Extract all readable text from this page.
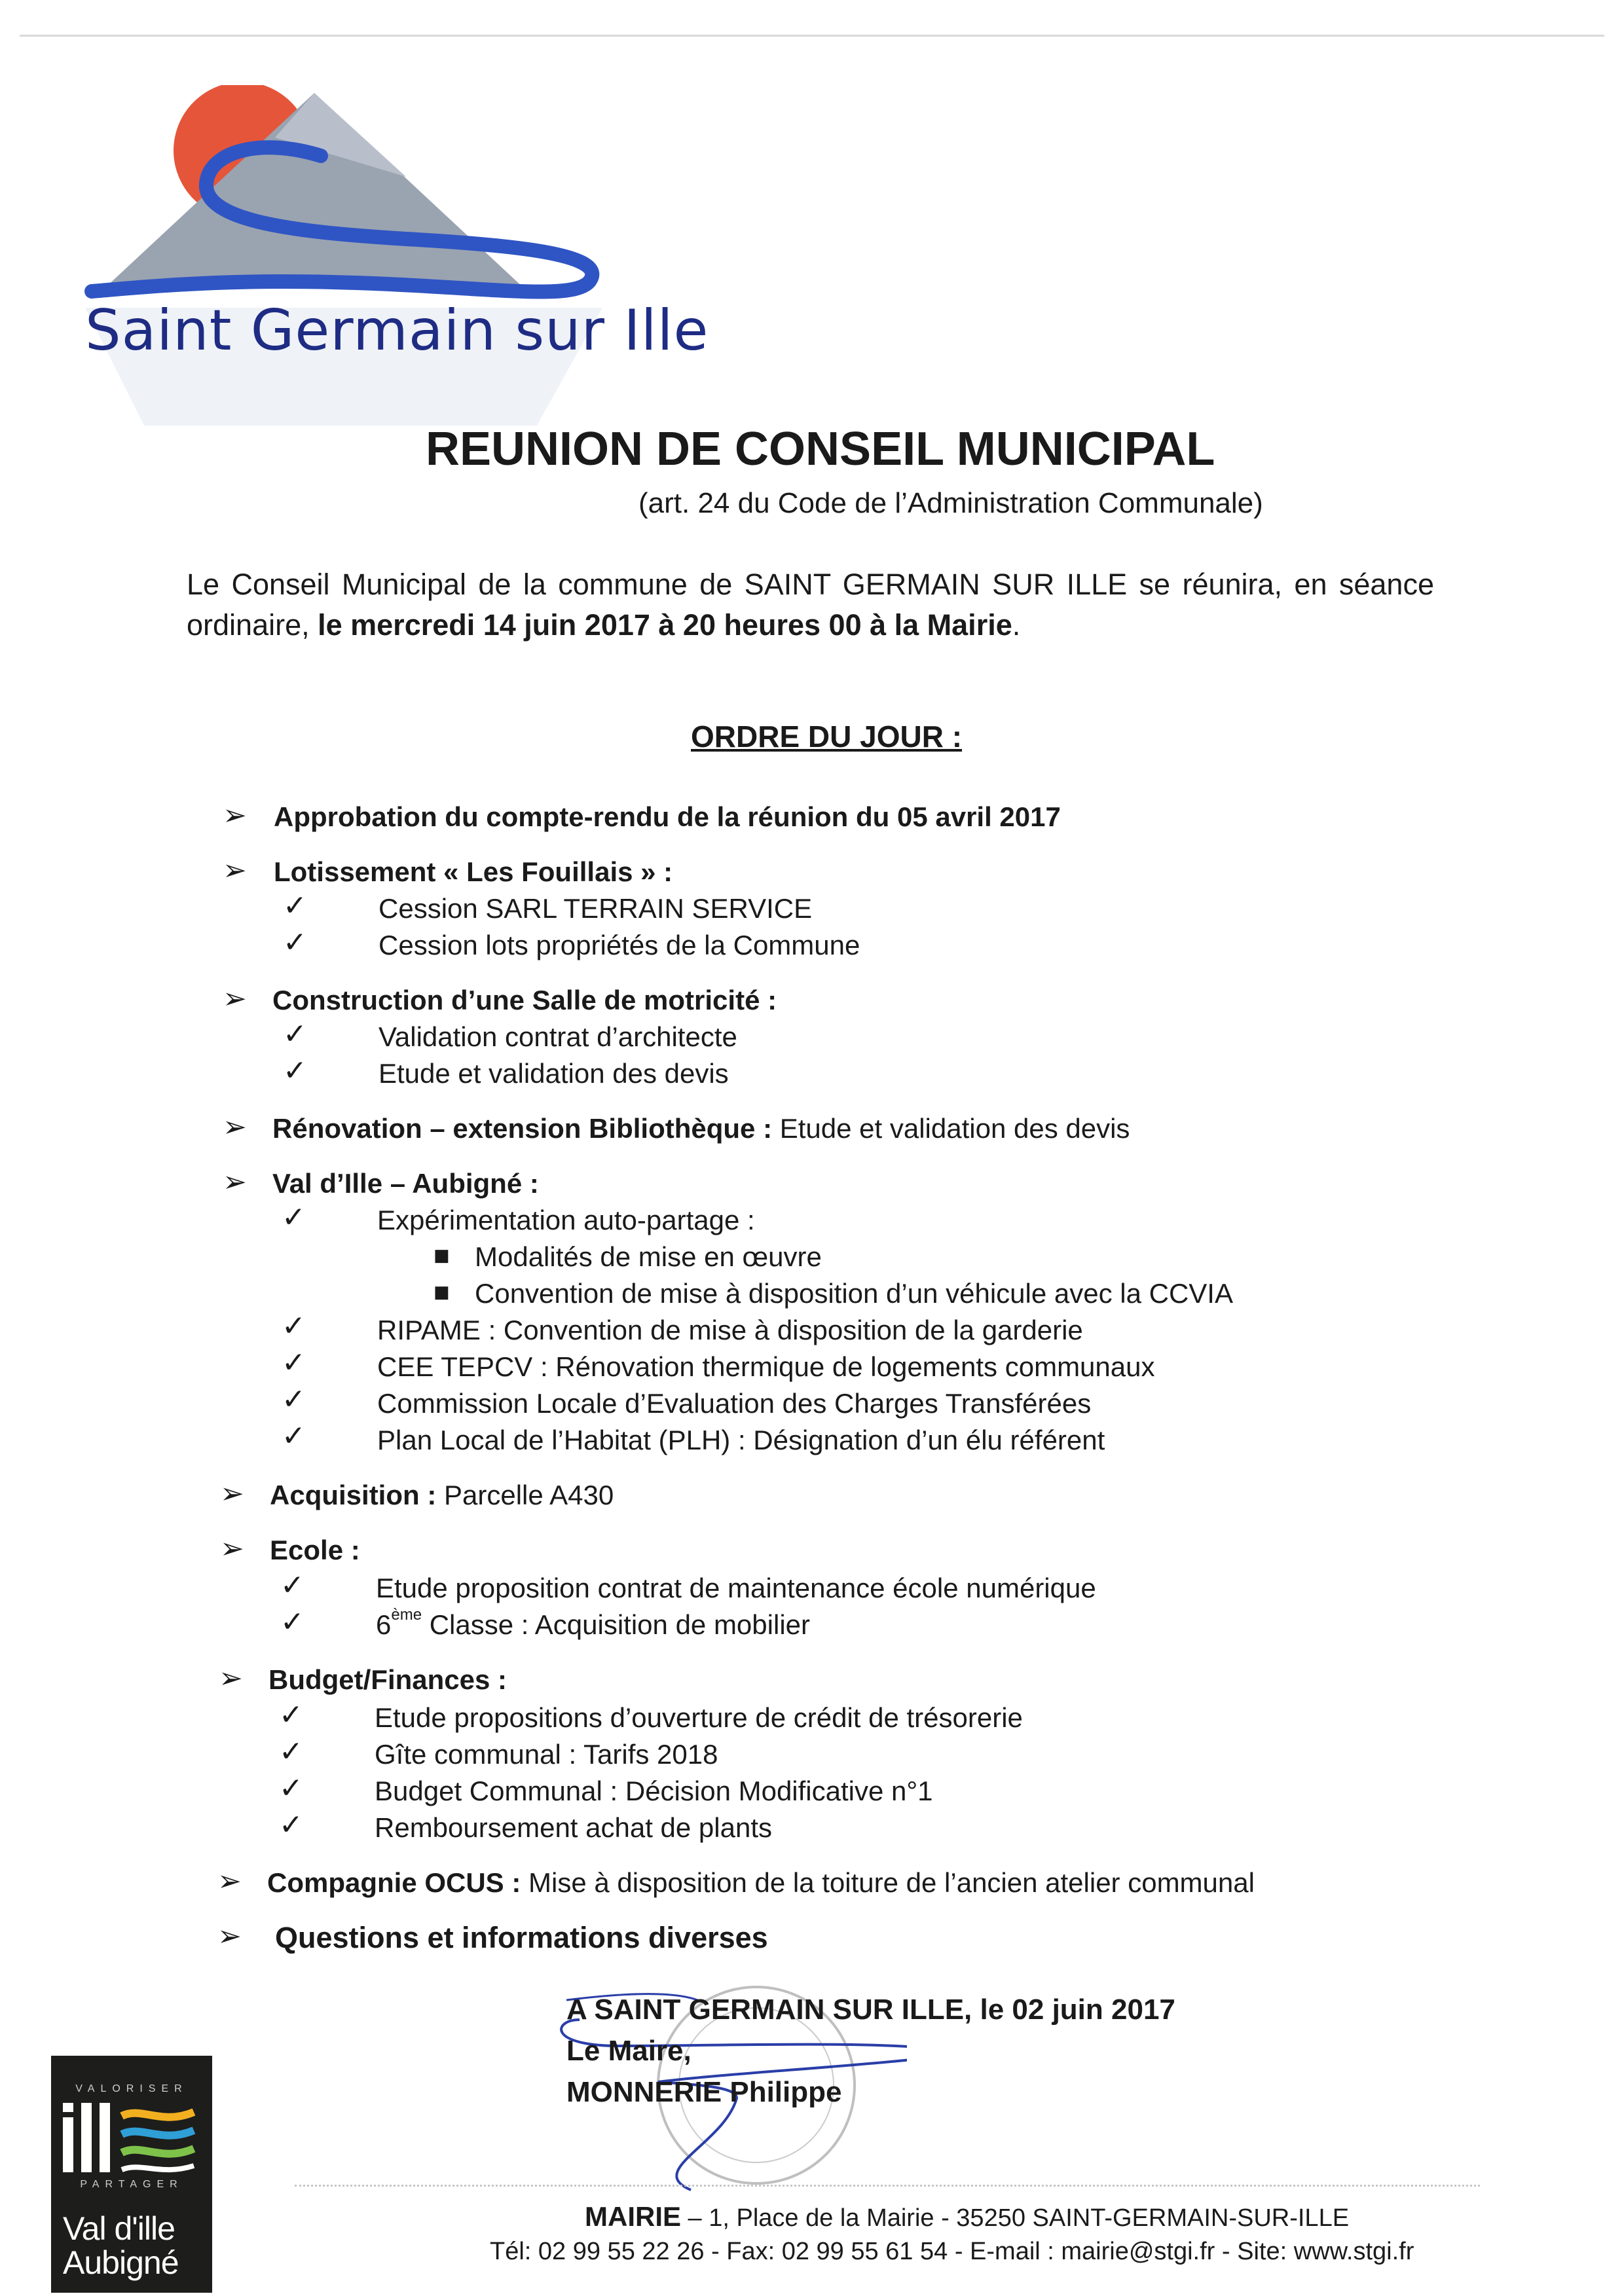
Saint Germain sur Ille
REUNION DE CONSEIL MUNICIPAL
(art. 24 du Code de l’Administration Communale)
Le Conseil Municipal de la commune de SAINT GERMAIN SUR ILLE se réunira, en séance ordinaire, le mercredi 14 juin 2017 à 20 heures 00 à la Mairie.
ORDRE DU JOUR :
➢ Approbation du compte-rendu de la réunion du 05 avril 2017
➢ Lotissement « Les Fouillais » :
✓	Cession SARL TERRAIN SERVICE
✓	Cession lots propriétés de la Commune
➢ Construction d’une Salle de motricité :
✓	Validation contrat d’architecte
✓	Etude et validation des devis
➢ Rénovation – extension Bibliothèque : Etude et validation des devis
➢ Val d’Ille – Aubigné :
✓	Expérimentation auto-partage :
■ Modalités de mise en œuvre
■ Convention de mise à disposition d’un véhicule avec la CCVIA
✓	RIPAME : Convention de mise à disposition de la garderie
✓	CEE TEPCV : Rénovation thermique de logements communaux
✓	Commission Locale d’Evaluation des Charges Transférées
✓	Plan Local de l’Habitat (PLH) : Désignation d’un élu référent
➢ Acquisition : Parcelle A430
➢ Ecole :
✓	Etude proposition contrat de maintenance école numérique
✓	6ème Classe : Acquisition de mobilier
➢ Budget/Finances :
✓	Etude propositions d’ouverture de crédit de trésorerie
✓	Gîte communal : Tarifs 2018
✓	Budget Communal : Décision Modificative n°1
✓	Remboursement achat de plants
➢ Compagnie OCUS : Mise à disposition de la toiture de l’ancien atelier communal
➢ Questions et informations diverses
A SAINT GERMAIN SUR ILLE, le 02 juin 2017
Le Maire,
MONNERIE Philippe
MAIRIE – 1, Place de la Mairie - 35250 SAINT-GERMAIN-SUR-ILLE
Tél: 02 99 55 22 26 - Fax: 02 99 55 61 54 - E-mail : mairie@stgi.fr - Site: www.stgi.fr
VALORISER
PARTAGER
Val d'ille
Aubigné
